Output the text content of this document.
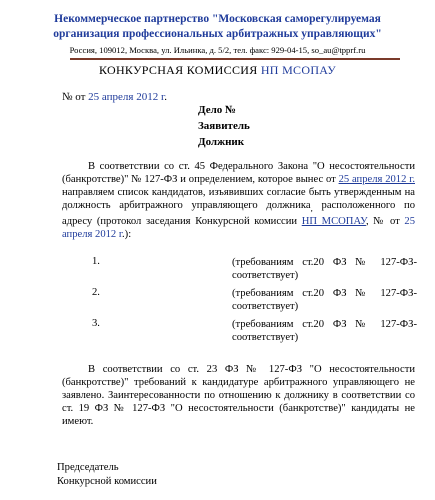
Некоммерческое партнерство "Московская саморегулируемая
организация профессиональных арбитражных управляющих"
Россия, 109012, Москва, ул. Ильинка, д. 5/2, тел. факс: 929-04-15, so_au@tpprf.ru
КОНКУРСНАЯ КОМИССИЯ НП МСОПАУ
№ от 25 апреля 2012 г.
Дело №
Заявитель
Должник
В соответствии со ст. 45 Федерального Закона "О несостоятельности (банкротстве)" № 127-ФЗ и определением, которое вынес от 25 апреля 2012 г. направляем список кандидатов, изъявивших согласие быть утвержденным на должность арбитражного управляющего должника$_,$ расположенного по адресу (протокол заседания Конкурсной комиссии НП МСОПАУ, № от 25 апреля 2012 г.):
1.	(требованиям ст.20 ФЗ № 127-ФЗ- соответствует)
2.	(требованиям ст.20 ФЗ № 127-ФЗ- соответствует)
3.	(требованиям ст.20 ФЗ № 127-ФЗ- соответствует)
В соответствии со ст. 23 ФЗ № 127-ФЗ "О несостоятельности (банкротстве)" требований к кандидатуре арбитражного управляющего не заявлено. Заинтересованности по отношению к должнику в соответствии со ст. 19 ФЗ № 127-ФЗ "О несостоятельности (банкротстве)" кандидаты не имеют.
Председатель
Конкурсной комиссии
